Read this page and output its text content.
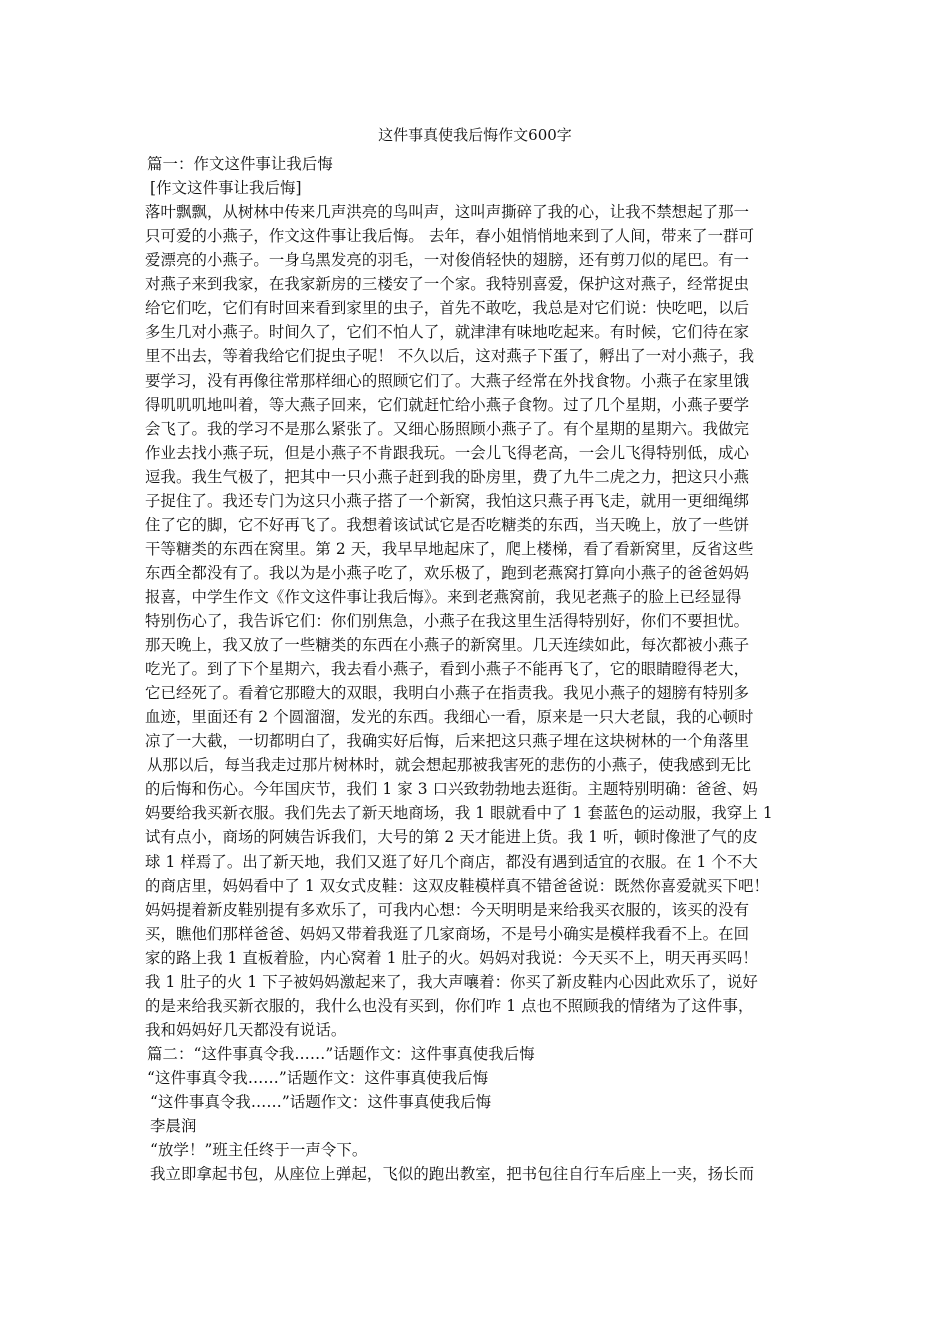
这件事真使我后悔作文600字
篇一：作文这件事让我后悔
[作文这件事让我后悔]
落叶飘飘，从树林中传来几声洪亮的鸟叫声，这叫声撕碎了我的心，让我不禁想起了那一
只可爱的小燕子，作文这件事让我后悔。 去年，春小姐悄悄地来到了人间，带来了一群可
爱漂亮的小燕子。一身乌黑发亮的羽毛，一对俊俏轻快的翅膀，还有剪刀似的尾巴。有一
对燕子来到我家，在我家新房的三楼安了一个家。我特别喜爱，保护这对燕子，经常捉虫
给它们吃，它们有时回来看到家里的虫子，首先不敢吃，我总是对它们说：快吃吧，以后
多生几对小燕子。时间久了，它们不怕人了，就津津有味地吃起来。有时候，它们待在家
里不出去，等着我给它们捉虫子呢！ 不久以后，这对燕子下蛋了，孵出了一对小燕子，我
要学习，没有再像往常那样细心的照顾它们了。大燕子经常在外找食物。小燕子在家里饿
得叽叽叽地叫着，等大燕子回来，它们就赶忙给小燕子食物。过了几个星期，小燕子要学
会飞了。我的学习不是那么紧张了。又细心肠照顾小燕子了。有个星期的星期六。我做完
作业去找小燕子玩，但是小燕子不肯跟我玩。一会儿飞得老高，一会儿飞得特别低，成心
逗我。我生气极了，把其中一只小燕子赶到我的卧房里，费了九牛二虎之力，把这只小燕
子捉住了。我还专门为这只小燕子搭了一个新窝，我怕这只燕子再飞走，就用一更细绳绑
住了它的脚，它不好再飞了。我想着该试试它是否吃糖类的东西，当天晚上，放了一些饼
干等糖类的东西在窝里。第 2 天，我早早地起床了，爬上楼梯，看了看新窝里，反省这些
东西全都没有了。我以为是小燕子吃了，欢乐极了，跑到老燕窝打算向小燕子的爸爸妈妈
报喜，中学生作文《作文这件事让我后悔》。来到老燕窝前，我见老燕子的脸上已经显得
特别伤心了，我告诉它们：你们别焦急，小燕子在我这里生活得特别好，你们不要担忧。
那天晚上，我又放了一些糖类的东西在小燕子的新窝里。几天连续如此，每次都被小燕子
吃光了。到了下个星期六，我去看小燕子，看到小燕子不能再飞了，它的眼睛瞪得老大，
它已经死了。看着它那瞪大的双眼，我明白小燕子在指责我。我见小燕子的翅膀有特别多
血迹，里面还有 2 个圆溜溜，发光的东西。我细心一看，原来是一只大老鼠，我的心顿时
凉了一大截，一切都明白了，我确实好后悔，后来把这只燕子埋在这块树林的一个角落里
从那以后，每当我走过那片树林时，就会想起那被我害死的悲伤的小燕子，使我感到无比
的后悔和伤心。今年国庆节，我们 1 家 3 口兴致勃勃地去逛街。主题特别明确：爸爸、妈
妈要给我买新衣服。我们先去了新天地商场，我 1 眼就看中了 1 套蓝色的运动服，我穿上 1
试有点小，商场的阿姨告诉我们，大号的第 2 天才能进上货。我 1 听，顿时像泄了气的皮
球 1 样焉了。出了新天地，我们又逛了好几个商店，都没有遇到适宜的衣服。在 1 个不大
的商店里，妈妈看中了 1 双女式皮鞋：这双皮鞋模样真不错爸爸说：既然你喜爱就买下吧！
妈妈提着新皮鞋别提有多欢乐了，可我内心想：今天明明是来给我买衣服的，该买的没有
买，瞧他们那样爸爸、妈妈又带着我逛了几家商场，不是号小确实是模样我看不上。在回
家的路上我 1 直板着脸，内心窝着 1 肚子的火。妈妈对我说：今天买不上，明天再买吗！
我 1 肚子的火 1 下子被妈妈激起来了，我大声嚷着：你买了新皮鞋内心因此欢乐了，说好
的是来给我买新衣服的，我什么也没有买到，你们咋 1 点也不照顾我的情绪为了这件事，
我和妈妈好几天都没有说话。
篇二：“这件事真令我……”话题作文：这件事真使我后悔
“这件事真令我……”话题作文：这件事真使我后悔
“这件事真令我……”话题作文：这件事真使我后悔
李晨润
“放学！”班主任终于一声令下。
我立即拿起书包，从座位上弹起，飞似的跑出教室，把书包往自行车后座上一夹，扬长而
